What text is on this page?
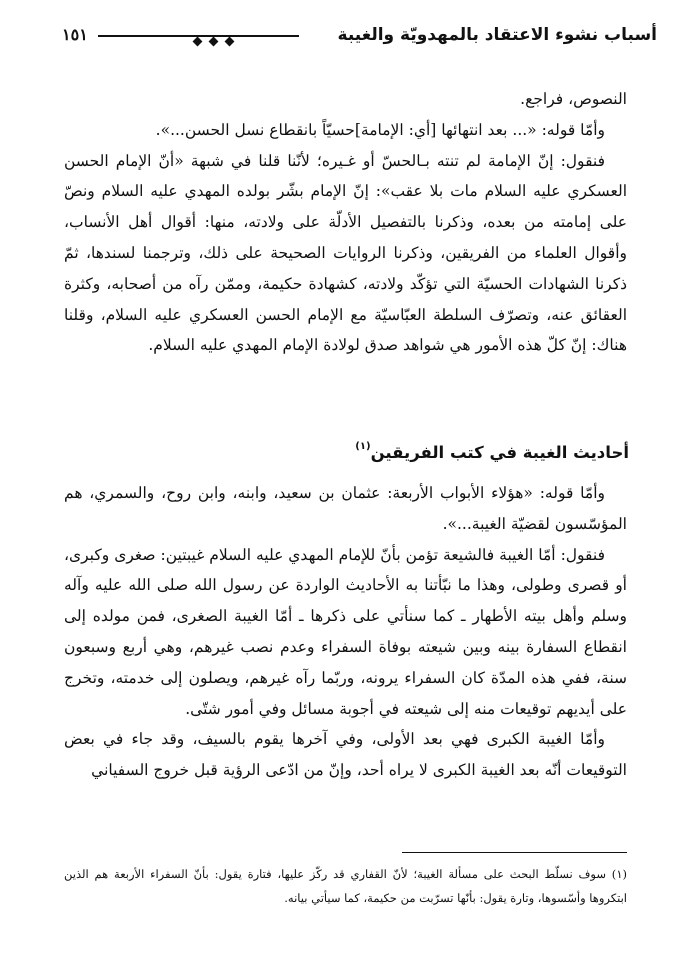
أسباب نشوء الاعتقاد بالمهدويّة والغيبة
١٥١

النصوص، فراجع.

وأمّا قوله: «... بعد انتهائها [أي: الإمامة]حسيّاً بانقطاع نسل الحسن...».

فنقول: إنّ الإمامة لم تنته بـالحسّ أو غـيره؛ لأنّنا قلنا في شبهة «أنّ الإمام الحسن العسكري عليه السلام مات بلا عقب»: إنّ الإمام بشّر بولده المهدي عليه السلام ونصّ على إمامته من بعده، وذكرنا بالتفصيل الأدلّة على ولادته، منها: أقوال أهل الأنساب، وأقوال العلماء من الفريقين، وذكرنا الروايات الصحيحة على ذلك، وترجمنا لسندها، ثمّ ذكرنا الشهادات الحسيّة التي تؤكّد ولادته، كشهادة حكيمة، وممّن رآه من أصحابه، وكثرة العقائق عنه، وتصرّف السلطة العبّاسيّة مع الإمام الحسن العسكري عليه السلام، وقلنا هناك: إنّ كلّ هذه الأمور هي شواهد صدق لولادة الإمام المهدي عليه السلام.

أحاديث الغيبة في كتب الفريقين$^{(١)}$

وأمّا قوله: «هؤلاء الأبواب الأربعة: عثمان بن سعيد، وابنه، وابن روح، والسمري، هم المؤسّسون لقضيّة الغيبة...».

فنقول: أمّا الغيبة فالشيعة تؤمن بأنّ للإمام المهدي عليه السلام غيبتين: صغرى وكبرى، أو قصرى وطولى، وهذا ما نبّأتنا به الأحاديث الواردة عن رسول الله صلى الله عليه وآله وسلم وأهل بيته الأطهار ـ كما سنأتي على ذكرها ـ أمّا الغيبة الصغرى، فمن مولده إلى انقطاع السفارة بينه وبين شيعته بوفاة السفراء وعدم نصب غيرهم، وهي أربع وسبعون سنة، ففي هذه المدّة كان السفراء يرونه، وربّما رآه غيرهم، ويصلون إلى خدمته، وتخرج على أيديهم توقيعات منه إلى شيعته في أجوبة مسائل وفي أمور شتّى.

وأمّا الغيبة الكبرى فهي بعد الأولى، وفي آخرها يقوم بالسيف، وقد جاء في بعض التوقيعات أنّه بعد الغيبة الكبرى لا يراه أحد، وإنّ من ادّعى الرؤية قبل خروج السفياني

(١) سوف نسلّط البحث على مسألة الغيبة؛ لأنّ القفاري قد ركّز عليها، فتارة يقول: بأنّ السفراء الأربعة هم الذين ابتكروها وأسّسوها، وتارة يقول: بأنّها تسرّبت من حكيمة، كما سيأتي بيانه.
